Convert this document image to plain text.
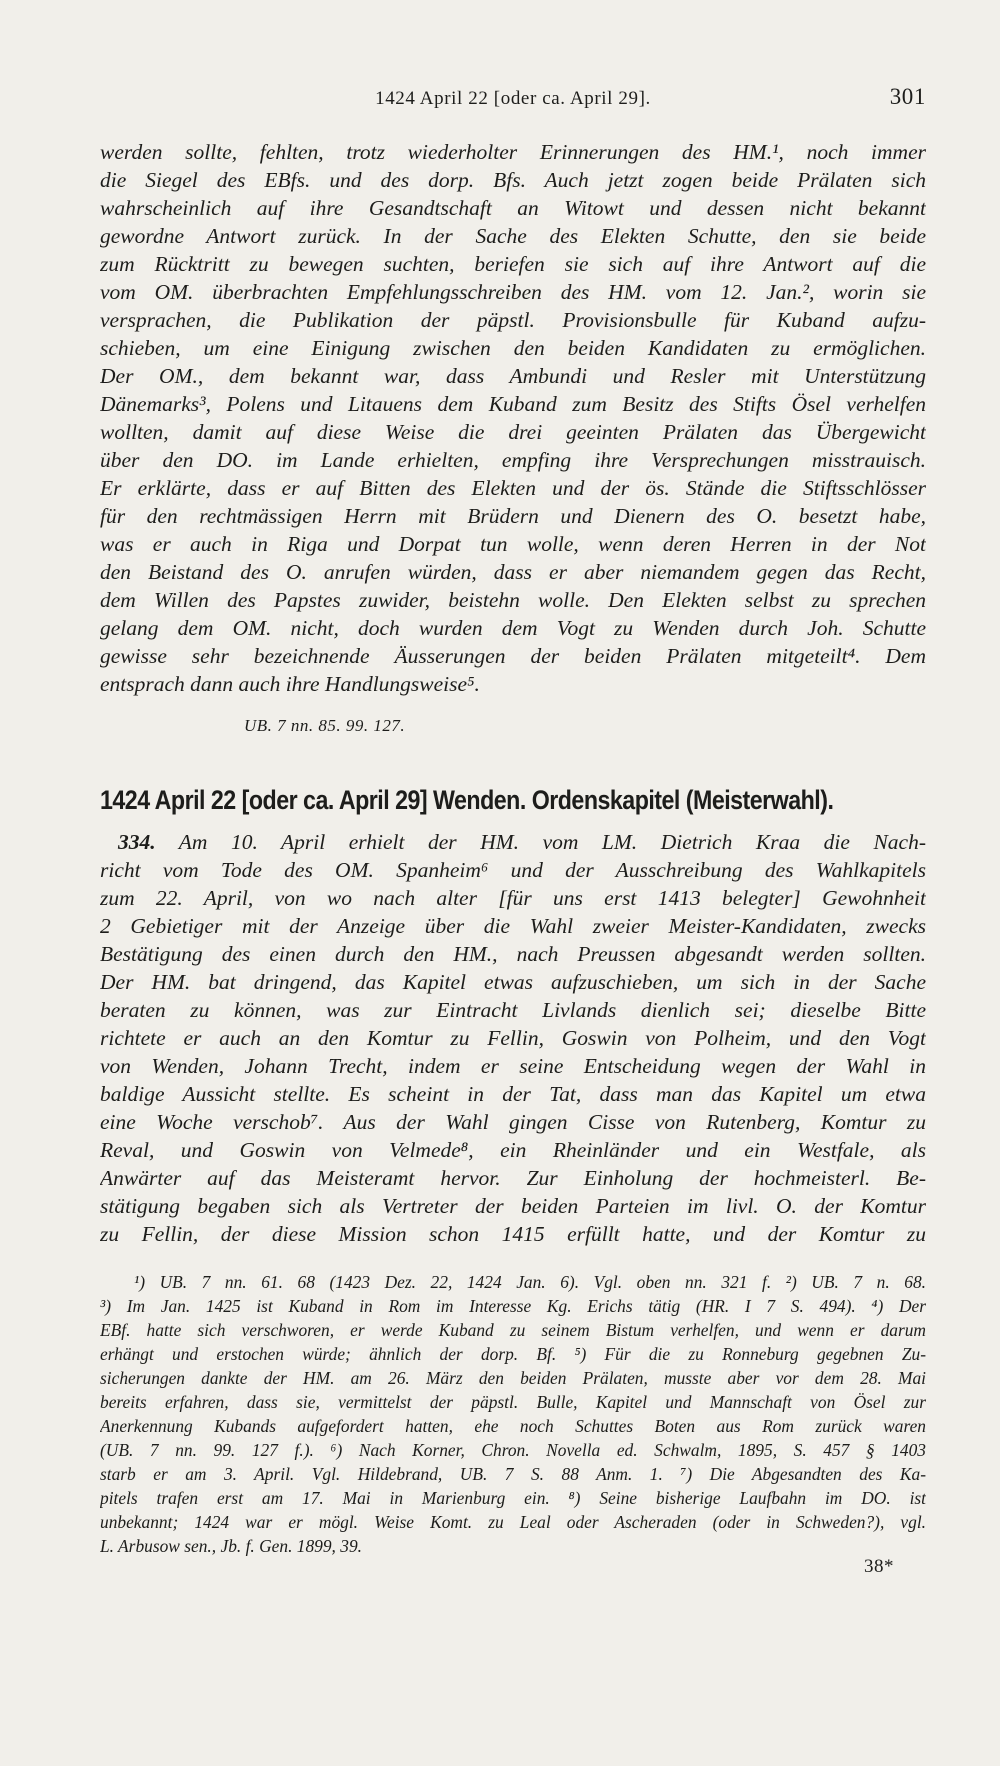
1424 April 22 [oder ca. April 29].	301
werden sollte, fehlten, trotz wiederholter Erinnerungen des HM.¹, noch immer
die Siegel des EBfs. und des dorp. Bfs. Auch jetzt zogen beide Prälaten sich
wahrscheinlich auf ihre Gesandtschaft an Witowt und dessen nicht bekannt
gewordne Antwort zurück. In der Sache des Elekten Schutte, den sie beide
zum Rücktritt zu bewegen suchten, beriefen sie sich auf ihre Antwort auf die
vom OM. überbrachten Empfehlungsschreiben des HM. vom 12. Jan.², worin sie
versprachen, die Publikation der päpstl. Provisionsbulle für Kuband aufzu-
schieben, um eine Einigung zwischen den beiden Kandidaten zu ermöglichen.
Der OM., dem bekannt war, dass Ambundi und Resler mit Unterstützung
Dänemarks³, Polens und Litauens dem Kuband zum Besitz des Stifts Ösel verhelfen
wollten, damit auf diese Weise die drei geeinten Prälaten das Übergewicht
über den DO. im Lande erhielten, empfing ihre Versprechungen misstrauisch.
Er erklärte, dass er auf Bitten des Elekten und der ös. Stände die Stiftsschlösser
für den rechtmässigen Herrn mit Brüdern und Dienern des O. besetzt habe,
was er auch in Riga und Dorpat tun wolle, wenn deren Herren in der Not
den Beistand des O. anrufen würden, dass er aber niemandem gegen das Recht,
dem Willen des Papstes zuwider, beistehn wolle. Den Elekten selbst zu sprechen
gelang dem OM. nicht, doch wurden dem Vogt zu Wenden durch Joh. Schutte
gewisse sehr bezeichnende Äusserungen der beiden Prälaten mitgeteilt⁴. Dem
entsprach dann auch ihre Handlungsweise⁵.
UB. 7 nn. 85. 99. 127.
1424 April 22 [oder ca. April 29] Wenden. Ordenskapitel (Meisterwahl).
334. Am 10. April erhielt der HM. vom LM. Dietrich Kraa die Nach-
richt vom Tode des OM. Spanheim⁶ und der Ausschreibung des Wahlkapitels
zum 22. April, von wo nach alter [für uns erst 1413 belegter] Gewohnheit
2 Gebietiger mit der Anzeige über die Wahl zweier Meister-Kandidaten, zwecks
Bestätigung des einen durch den HM., nach Preussen abgesandt werden sollten.
Der HM. bat dringend, das Kapitel etwas aufzuschieben, um sich in der Sache
beraten zu können, was zur Eintracht Livlands dienlich sei; dieselbe Bitte
richtete er auch an den Komtur zu Fellin, Goswin von Polheim, und den Vogt
von Wenden, Johann Trecht, indem er seine Entscheidung wegen der Wahl in
baldige Aussicht stellte. Es scheint in der Tat, dass man das Kapitel um etwa
eine Woche verschob⁷. Aus der Wahl gingen Cisse von Rutenberg, Komtur zu
Reval, und Goswin von Velmede⁸, ein Rheinländer und ein Westfale, als
Anwärter auf das Meisteramt hervor. Zur Einholung der hochmeisterl. Be-
stätigung begaben sich als Vertreter der beiden Parteien im livl. O. der Komtur
zu Fellin, der diese Mission schon 1415 erfüllt hatte, und der Komtur zu
¹) UB. 7 nn. 61. 68 (1423 Dez. 22, 1424 Jan. 6). Vgl. oben nn. 321 f. ²) UB. 7 n. 68.
³) Im Jan. 1425 ist Kuband in Rom im Interesse Kg. Erichs tätig (HR. I 7 S. 494). ⁴) Der
EBf. hatte sich verschworen, er werde Kuband zu seinem Bistum verhelfen, und wenn er darum
erhängt und erstochen würde; ähnlich der dorp. Bf. ⁵) Für die zu Ronneburg gegebnen Zu-
sicherungen dankte der HM. am 26. März den beiden Prälaten, musste aber vor dem 28. Mai
bereits erfahren, dass sie, vermittelst der päpstl. Bulle, Kapitel und Mannschaft von Ösel zur
Anerkennung Kubands aufgefordert hatten, ehe noch Schuttes Boten aus Rom zurück waren
(UB. 7 nn. 99. 127 f.). ⁶) Nach Korner, Chron. Novella ed. Schwalm, 1895, S. 457 § 1403
starb er am 3. April. Vgl. Hildebrand, UB. 7 S. 88 Anm. 1. ⁷) Die Abgesandten des Ka-
pitels trafen erst am 17. Mai in Marienburg ein. ⁸) Seine bisherige Laufbahn im DO. ist
unbekannt; 1424 war er mögl. Weise Komt. zu Leal oder Ascheraden (oder in Schweden?), vgl.
L. Arbusow sen., Jb. f. Gen. 1899, 39.
38*
